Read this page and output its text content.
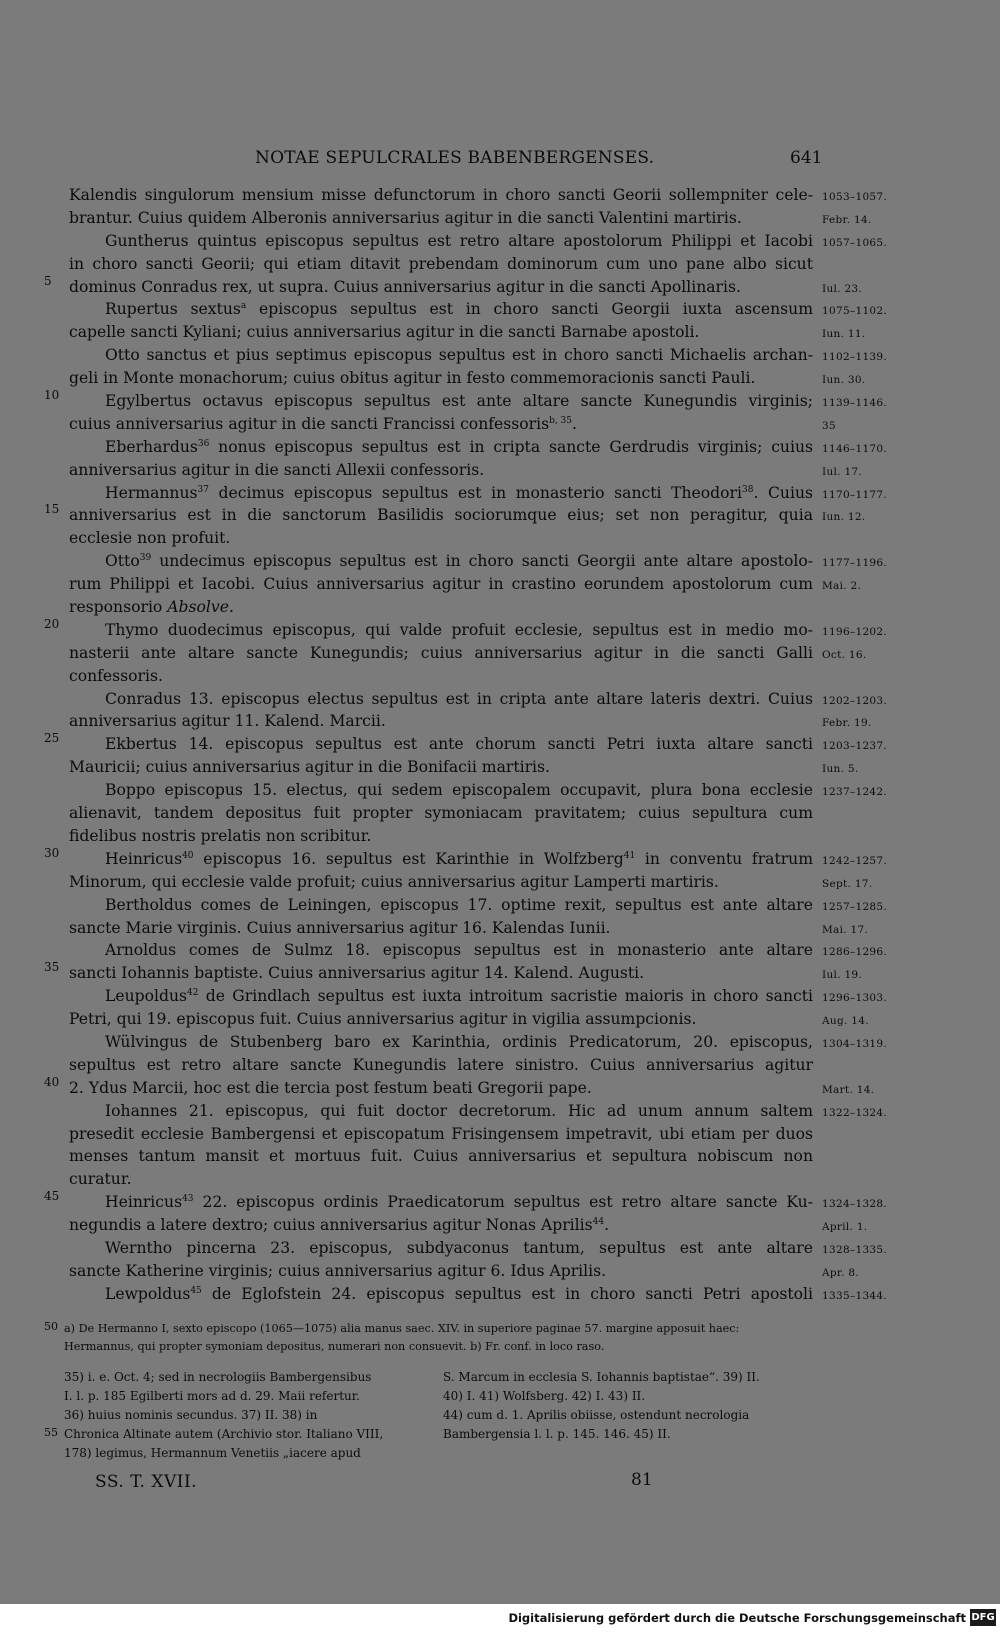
NOTAE SEPULCRALES BABENBERGENSES.	641
Kalendis singulorum mensium misse defunctorum in choro sancti Georii sollempniter cele- 1053–1057.
brantur. Cuius quidem Alberonis anniversarius agitur in die sancti Valentini martiris.	Febr. 14.
Guntherus quintus episcopus sepultus est retro altare apostolorum Philippi et Iacobi 1057–1065.
in choro sancti Georii; qui etiam ditavit prebendam dominorum cum uno pane albo sicut
5 dominus Conradus rex, ut supra. Cuius anniversarius agitur in die sancti Apollinaris.	Iul. 23.
Rupertus sextus$^a$ episcopus sepultus est in choro sancti Georgii iuxta ascensum 1075–1102.
capelle sancti Kyliani; cuius anniversarius agitur in die sancti Barnabe apostoli.	Iun. 11.
Otto sanctus et pius septimus episcopus sepultus est in choro sancti Michaelis archan- 1102–1139.
geli in Monte monachorum; cuius obitus agitur in festo commemoracionis sancti Pauli.	Iun. 30.
10	Egylbertus octavus episcopus sepultus est ante altare sancte Kunegundis virginis; 1139–1146.
cuius anniversarius agitur in die sancti Francissi confessoris$^{b, 35}$.	35
Eberhardus$^{36}$ nonus episcopus sepultus est in cripta sancte Gerdrudis virginis; cuius 1146–1170.
anniversarius agitur in die sancti Allexii confessoris.	Iul. 17.
Hermannus$^{37}$ decimus episcopus sepultus est in monasterio sancti Theodori$^{38}$. Cuius 1170–1177.
15 anniversarius est in die sanctorum Basilidis sociorumque eius; set non peragitur, quia Iun. 12.
ecclesie non profuit.
Otto$^{39}$ undecimus episcopus sepultus est in choro sancti Georgii ante altare apostolo- 1177–1196.
rum Philippi et Iacobi. Cuius anniversarius agitur in crastino eorundem apostolorum cum Mai. 2.
responsorio Absolve.
20	Thymo duodecimus episcopus, qui valde profuit ecclesie, sepultus est in medio mo- 1196–1202.
nasterii ante altare sancte Kunegundis; cuius anniversarius agitur in die sancti Galli Oct. 16.
confessoris.
Conradus 13. episcopus electus sepultus est in cripta ante altare lateris dextri. Cuius 1202–1203.
anniversarius agitur 11. Kalend. Marcii.	Febr. 19.
25	Ekbertus 14. episcopus sepultus est ante chorum sancti Petri iuxta altare sancti 1203–1237.
Mauricii; cuius anniversarius agitur in die Bonifacii martiris.	Iun. 5.
Boppo episcopus 15. electus, qui sedem episcopalem occupavit, plura bona ecclesie 1237–1242.
alienavit, tandem depositus fuit propter symoniacam pravitatem; cuius sepultura cum
fidelibus nostris prelatis non scribitur.
30	Heinricus$^{40}$ episcopus 16. sepultus est Karinthie in Wolfzberg$^{41}$ in conventu fratrum 1242–1257.
Minorum, qui ecclesie valde profuit; cuius anniversarius agitur Lamperti martiris.	Sept. 17.
Bertholdus comes de Leiningen, episcopus 17. optime rexit, sepultus est ante altare 1257–1285.
sancte Marie virginis. Cuius anniversarius agitur 16. Kalendas Iunii.	Mai. 17.
Arnoldus comes de Sulmz 18. episcopus sepultus est in monasterio ante altare 1286–1296.
35 sancti Iohannis baptiste. Cuius anniversarius agitur 14. Kalend. Augusti.	Iul. 19.
Leupoldus$^{42}$ de Grindlach sepultus est iuxta introitum sacristie maioris in choro sancti 1296–1303.
Petri, qui 19. episcopus fuit. Cuius anniversarius agitur in vigilia assumpcionis.	Aug. 14.
Wülvingus de Stubenberg baro ex Karinthia, ordinis Predicatorum, 20. episcopus, 1304–1319.
sepultus est retro altare sancte Kunegundis latere sinistro. Cuius anniversarius agitur
40 2. Ydus Marcii, hoc est die tercia post festum beati Gregorii pape.	Mart. 14.
Iohannes 21. episcopus, qui fuit doctor decretorum. Hic ad unum annum saltem 1322–1324.
presedit ecclesie Bambergensi et episcopatum Frisingensem impetravit, ubi etiam per duos
menses tantum mansit et mortuus fuit. Cuius anniversarius et sepultura nobiscum non
curatur.
45	Heinricus$^{43}$ 22. episcopus ordinis Praedicatorum sepultus est retro altare sancte Ku- 1324–1328.
negundis a latere dextro; cuius anniversarius agitur Nonas Aprilis$^{44}$.	April. 1.
Werntho pincerna 23. episcopus, subdyaconus tantum, sepultus est ante altare 1328–1335.
sancte Katherine virginis; cuius anniversarius agitur 6. Idus Aprilis.	Apr. 8.
Lewpoldus$^{45}$ de Eglofstein 24. episcopus sepultus est in choro sancti Petri apostoli 1335–1344.
50 a) De Hermanno I, sexto episcopo (1065—1075) alia manus saec. XIV. in superiore paginae 57. margine apposuit haec:
Hermannus, qui propter symoniam depositus, numerari non consuevit. b) Fr. conf. in loco raso.
35) i. e. Oct. 4; sed in necrologiis Bambergensibus	S. Marcum in ecclesia S. Iohannis baptistae“. 39) II.
I. l. p. 185 Egilberti mors ad d. 29. Maii refertur.	40) I. 41) Wolfsberg. 42) I. 43) II.
36) huius nominis secundus. 37) II. 38) in	44) cum d. 1. Aprilis obiisse, ostendunt necrologia
55 Chronica Altinate autem (Archivio stor. Italiano VIII,	Bambergensia l. l. p. 145. 146. 45) II.
178) legimus, Hermannum Venetiis „iacere apud
SS. T. XVII.	81
Digitalisierung gefördert durch die Deutsche Forschungsgemeinschaft DFG
